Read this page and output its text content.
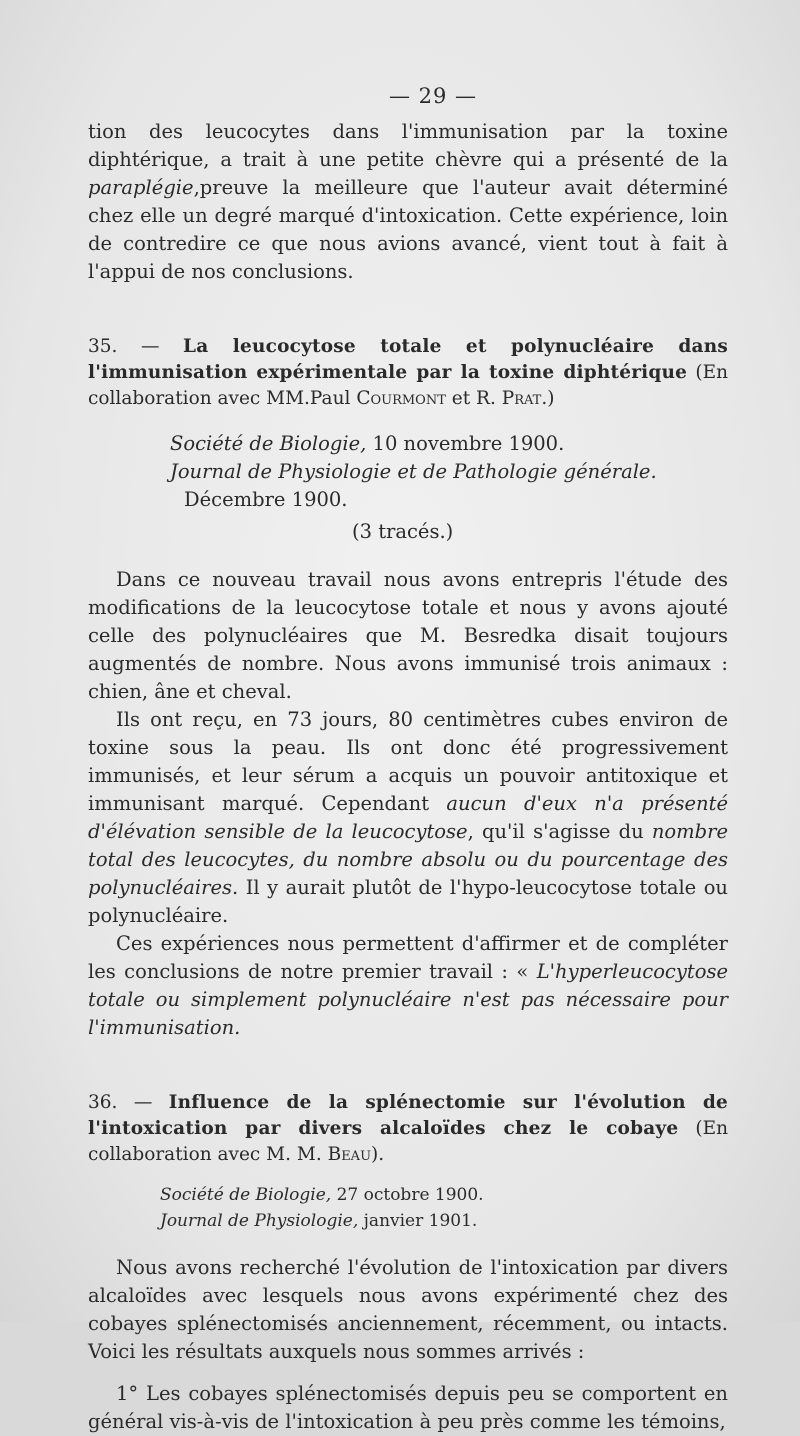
— 29 —

tion des leucocytes dans l'immunisation par la toxine diphtérique, a trait à une petite chèvre qui a présenté de la paraplégie,preuve la meilleure que l'auteur avait déterminé chez elle un degré marqué d'intoxication. Cette expérience, loin de contredire ce que nous avions avancé, vient tout à fait à l'appui de nos conclusions.

35. — La leucocytose totale et polynucléaire dans l'immunisation expérimentale par la toxine diphtérique (En collaboration avec MM.Paul Courmont et R. Prat.)
Société de Biologie, 10 novembre 1900.
Journal de Physiologie et de Pathologie générale.
Décembre 1900.
(3 tracés.)

Dans ce nouveau travail nous avons entrepris l'étude des modifications de la leucocytose totale et nous y avons ajouté celle des polynucléaires que M. Besredka disait toujours augmentés de nombre. Nous avons immunisé trois animaux : chien, âne et cheval.

Ils ont reçu, en 73 jours, 80 centimètres cubes environ de toxine sous la peau. Ils ont donc été progressivement immunisés, et leur sérum a acquis un pouvoir antitoxique et immunisant marqué. Cependant aucun d'eux n'a présenté d'élévation sensible de la leucocytose, qu'il s'agisse du nombre total des leucocytes, du nombre absolu ou du pourcentage des polynucléaires. Il y aurait plutôt de l'hypo-leucocytose totale ou polynucléaire.

Ces expériences nous permettent d'affirmer et de compléter les conclusions de notre premier travail : « L'hyperleucocytose totale ou simplement polynucléaire n'est pas nécessaire pour l'immunisation.

36. — Influence de la splénectomie sur l'évolution de l'intoxication par divers alcaloïdes chez le cobaye (En collaboration avec M. M. Beau).
Société de Biologie, 27 octobre 1900.
Journal de Physiologie, janvier 1901.

Nous avons recherché l'évolution de l'intoxication par divers alcaloïdes avec lesquels nous avons expérimenté chez des cobayes splénectomisés anciennement, récemment, ou intacts. Voici les résultats auxquels nous sommes arrivés :

1° Les cobayes splénectomisés depuis peu se comportent en général vis-à-vis de l'intoxication à peu près comme les témoins,
